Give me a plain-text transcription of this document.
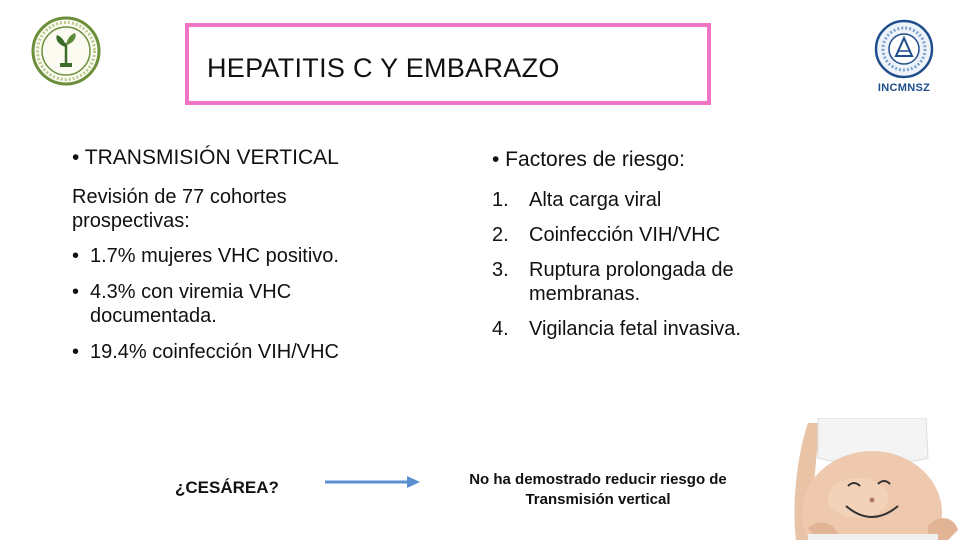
HEPATITIS C Y EMBARAZO
INCMNSZ
• TRANSMISIÓN VERTICAL
Revisión de 77 cohortes prospectivas:
• 1.7% mujeres VHC positivo.
• 4.3% con viremia VHC documentada.
• 19.4% coinfección VIH/VHC
• Factores de riesgo:
1. Alta carga viral
2. Coinfección VIH/VHC
3. Ruptura prolongada de membranas.
4. Vigilancia fetal invasiva.
¿CESÁREA?	No ha demostrado reducir riesgo de
Transmisión vertical
